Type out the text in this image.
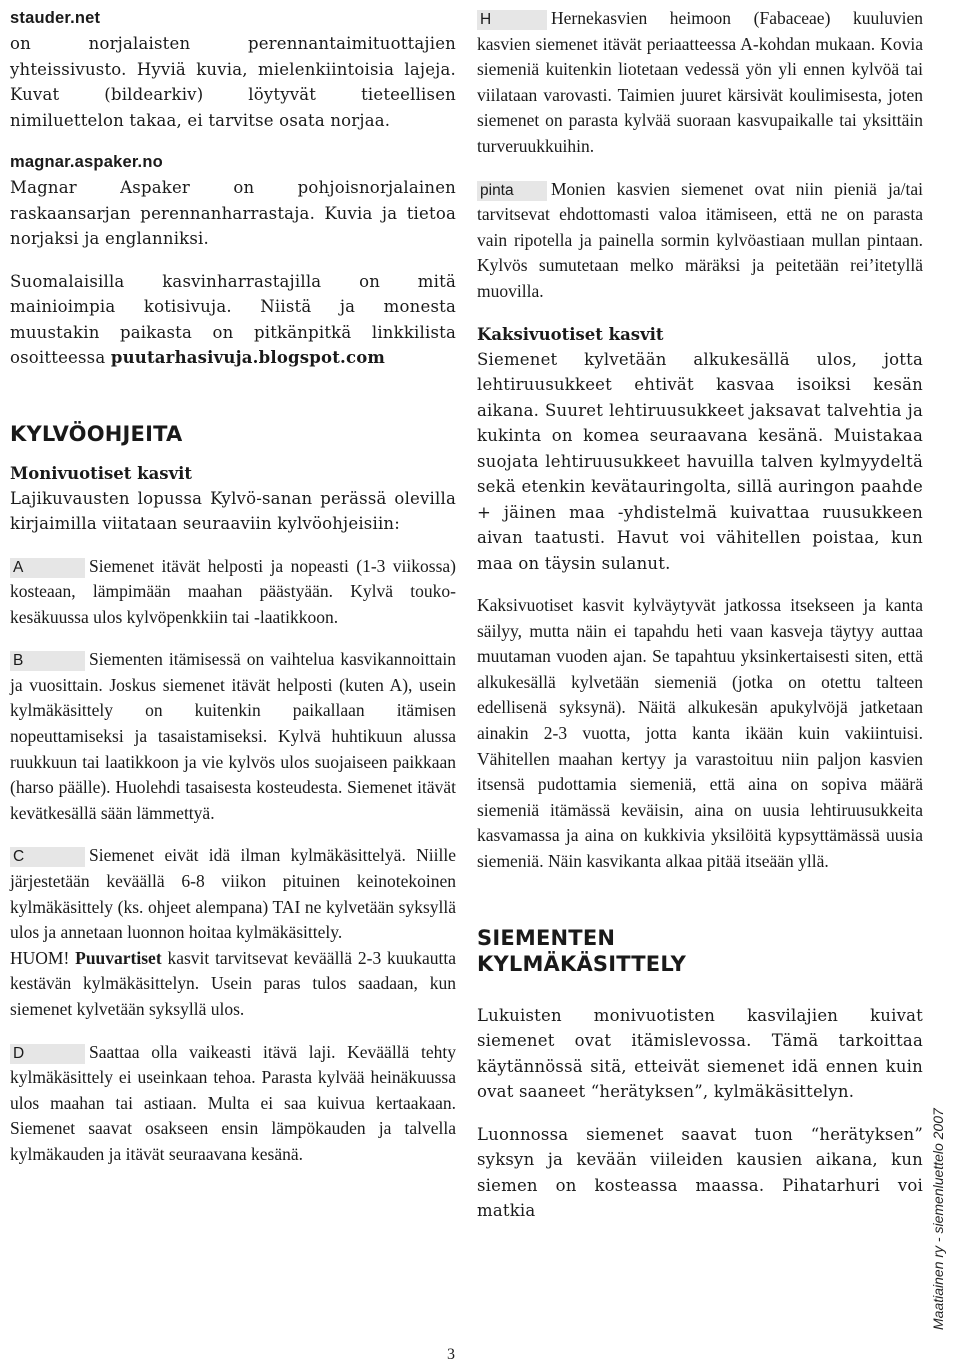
stauder.net

on norjalaisten perennantaimituottajien yhteissivusto. Hyviä kuvia, mielenkiintoisia lajeja. Kuvat (bildearkiv) löytyvät tieteellisen nimiluettelon takaa, ei tarvitse osata norjaa.

magnar.aspaker.no

Magnar Aspaker on pohjoisnorjalainen raskaansarjan perennanharrastaja. Kuvia ja tietoa norjaksi ja englanniksi.

Suomalaisilla kasvinharrastajilla on mitä mainioimpia kotisivuja. Niistä ja monesta muustakin paikasta on pitkänpitkä linkkilista osoitteessa puutarhasivuja.blogspot.com

KYLVÖOHJEITA

Monivuotiset kasvit

Lajikuvausten lopussa Kylvö-sanan perässä olevilla kirjaimilla viitataan seuraaviin kylvöohjeisiin:

A	Siemenet itävät helposti ja nopeasti (1-3 viikossa) kosteaan, lämpimään maahan päästyään. Kylvä touko-kesäkuussa ulos kylvöpenkkiin tai -laatikkoon.

B	Siementen itämisessä on vaihtelua kasvikannoittain ja vuosittain. Joskus siemenet itävät helposti (kuten A), usein kylmäkäsittely on kuitenkin paikallaan itämisen nopeuttamiseksi ja tasaistamiseksi. Kylvä huhtikuun alussa ruukkuun tai laatikkoon ja vie kylvös ulos suojaiseen paikkaan (harso päälle). Huolehdi tasaisesta kosteudesta. Siemenet itävät kevätkesällä sään lämmettyä.

C	Siemenet eivät idä ilman kylmäkäsittelyä. Niille järjestetään keväällä 6-8 viikon pituinen keinotekoinen kylmäkäsittely (ks. ohjeet alempana) TAI ne kylvetään syksyllä ulos ja annetaan luonnon hoitaa kylmäkäsittely.

HUOM! Puuvartiset kasvit tarvitsevat keväällä 2-3 kuukautta kestävän kylmäkäsittelyn. Usein paras tulos saadaan, kun siemenet kylvetään syksyllä ulos.

D	Saattaa olla vaikeasti itävä laji. Keväällä tehty kylmäkäsittely ei useinkaan tehoa. Parasta kylvää heinäkuussa ulos maahan tai astiaan. Multa ei saa kuivua kertaakaan. Siemenet saavat osakseen ensin lämpökauden ja talvella kylmäkauden ja itävät seuraavana kesänä.

H	Hernekasvien heimoon (Fabaceae) kuuluvien kasvien siemenet itävät periaatteessa A-kohdan mukaan. Kovia siemeniä kuitenkin liotetaan vedessä yön yli ennen kylvöä tai viilataan varovasti. Taimien juuret kärsivät koulimisesta, joten siemenet on parasta kylvää suoraan kasvupaikalle tai yksittäin turveruukkuihin.

pinta Monien kasvien siemenet ovat niin pieniä ja/tai tarvitsevat ehdottomasti valoa itämiseen, että ne on parasta vain ripotella ja painella sormin kylvöastiaan mullan pintaan. Kylvös sumutetaan melko märäksi ja peitetään rei’itetyllä muovilla.

Kaksivuotiset kasvit

Siemenet kylvetään alkukesällä ulos, jotta lehtiruusukkeet ehtivät kasvaa isoiksi kesän aikana. Suuret lehtiruusukkeet jaksavat talvehtia ja kukinta on komea seuraavana kesänä. Muistakaa suojata lehtiruusukkeet havuilla talven kylmyydeltä sekä etenkin kevätauringolta, sillä auringon paahde + jäinen maa -yhdistelmä kuivattaa ruusukkeen aivan taatusti. Havut voi vähitellen poistaa, kun maa on täysin sulanut.

Kaksivuotiset kasvit kylväytyvät jatkossa itsekseen ja kanta säilyy, mutta näin ei tapahdu heti vaan kasveja täytyy auttaa muutaman vuoden ajan. Se tapahtuu yksinkertaisesti siten, että alkukesällä kylvetään siemeniä (jotka on otettu talteen edellisenä syksynä). Näitä alkukesän apukylvöjä jatketaan ainakin 2-3 vuotta, jotta kanta ikään kuin vakiintuisi. Vähitellen maahan kertyy ja varastoituu niin paljon kasvien itsensä pudottamia siemeniä, että aina on sopiva määrä siemeniä itämässä keväisin, aina on uusia lehtiruusukkeita kasvamassa ja aina on kukkivia yksilöitä kypsyttämässä uusia siemeniä. Näin kasvikanta alkaa pitää itseään yllä.

SIEMENTEN
KYLMÄKÄSITTELY

Lukuisten monivuotisten kasvilajien kuivat siemenet ovat itämislevossa. Tämä tarkoittaa käytännössä sitä, etteivät siemenet idä ennen kuin ovat saaneet “herätyksen”, kylmäkäsittelyn.

Luonnossa siemenet saavat tuon “herätyksen” syksyn ja kevään viileiden kausien aikana, kun siemen on kosteassa maassa. Pihatarhuri voi matkia	Maatiainen ry - siemenluettelo 2007
3
